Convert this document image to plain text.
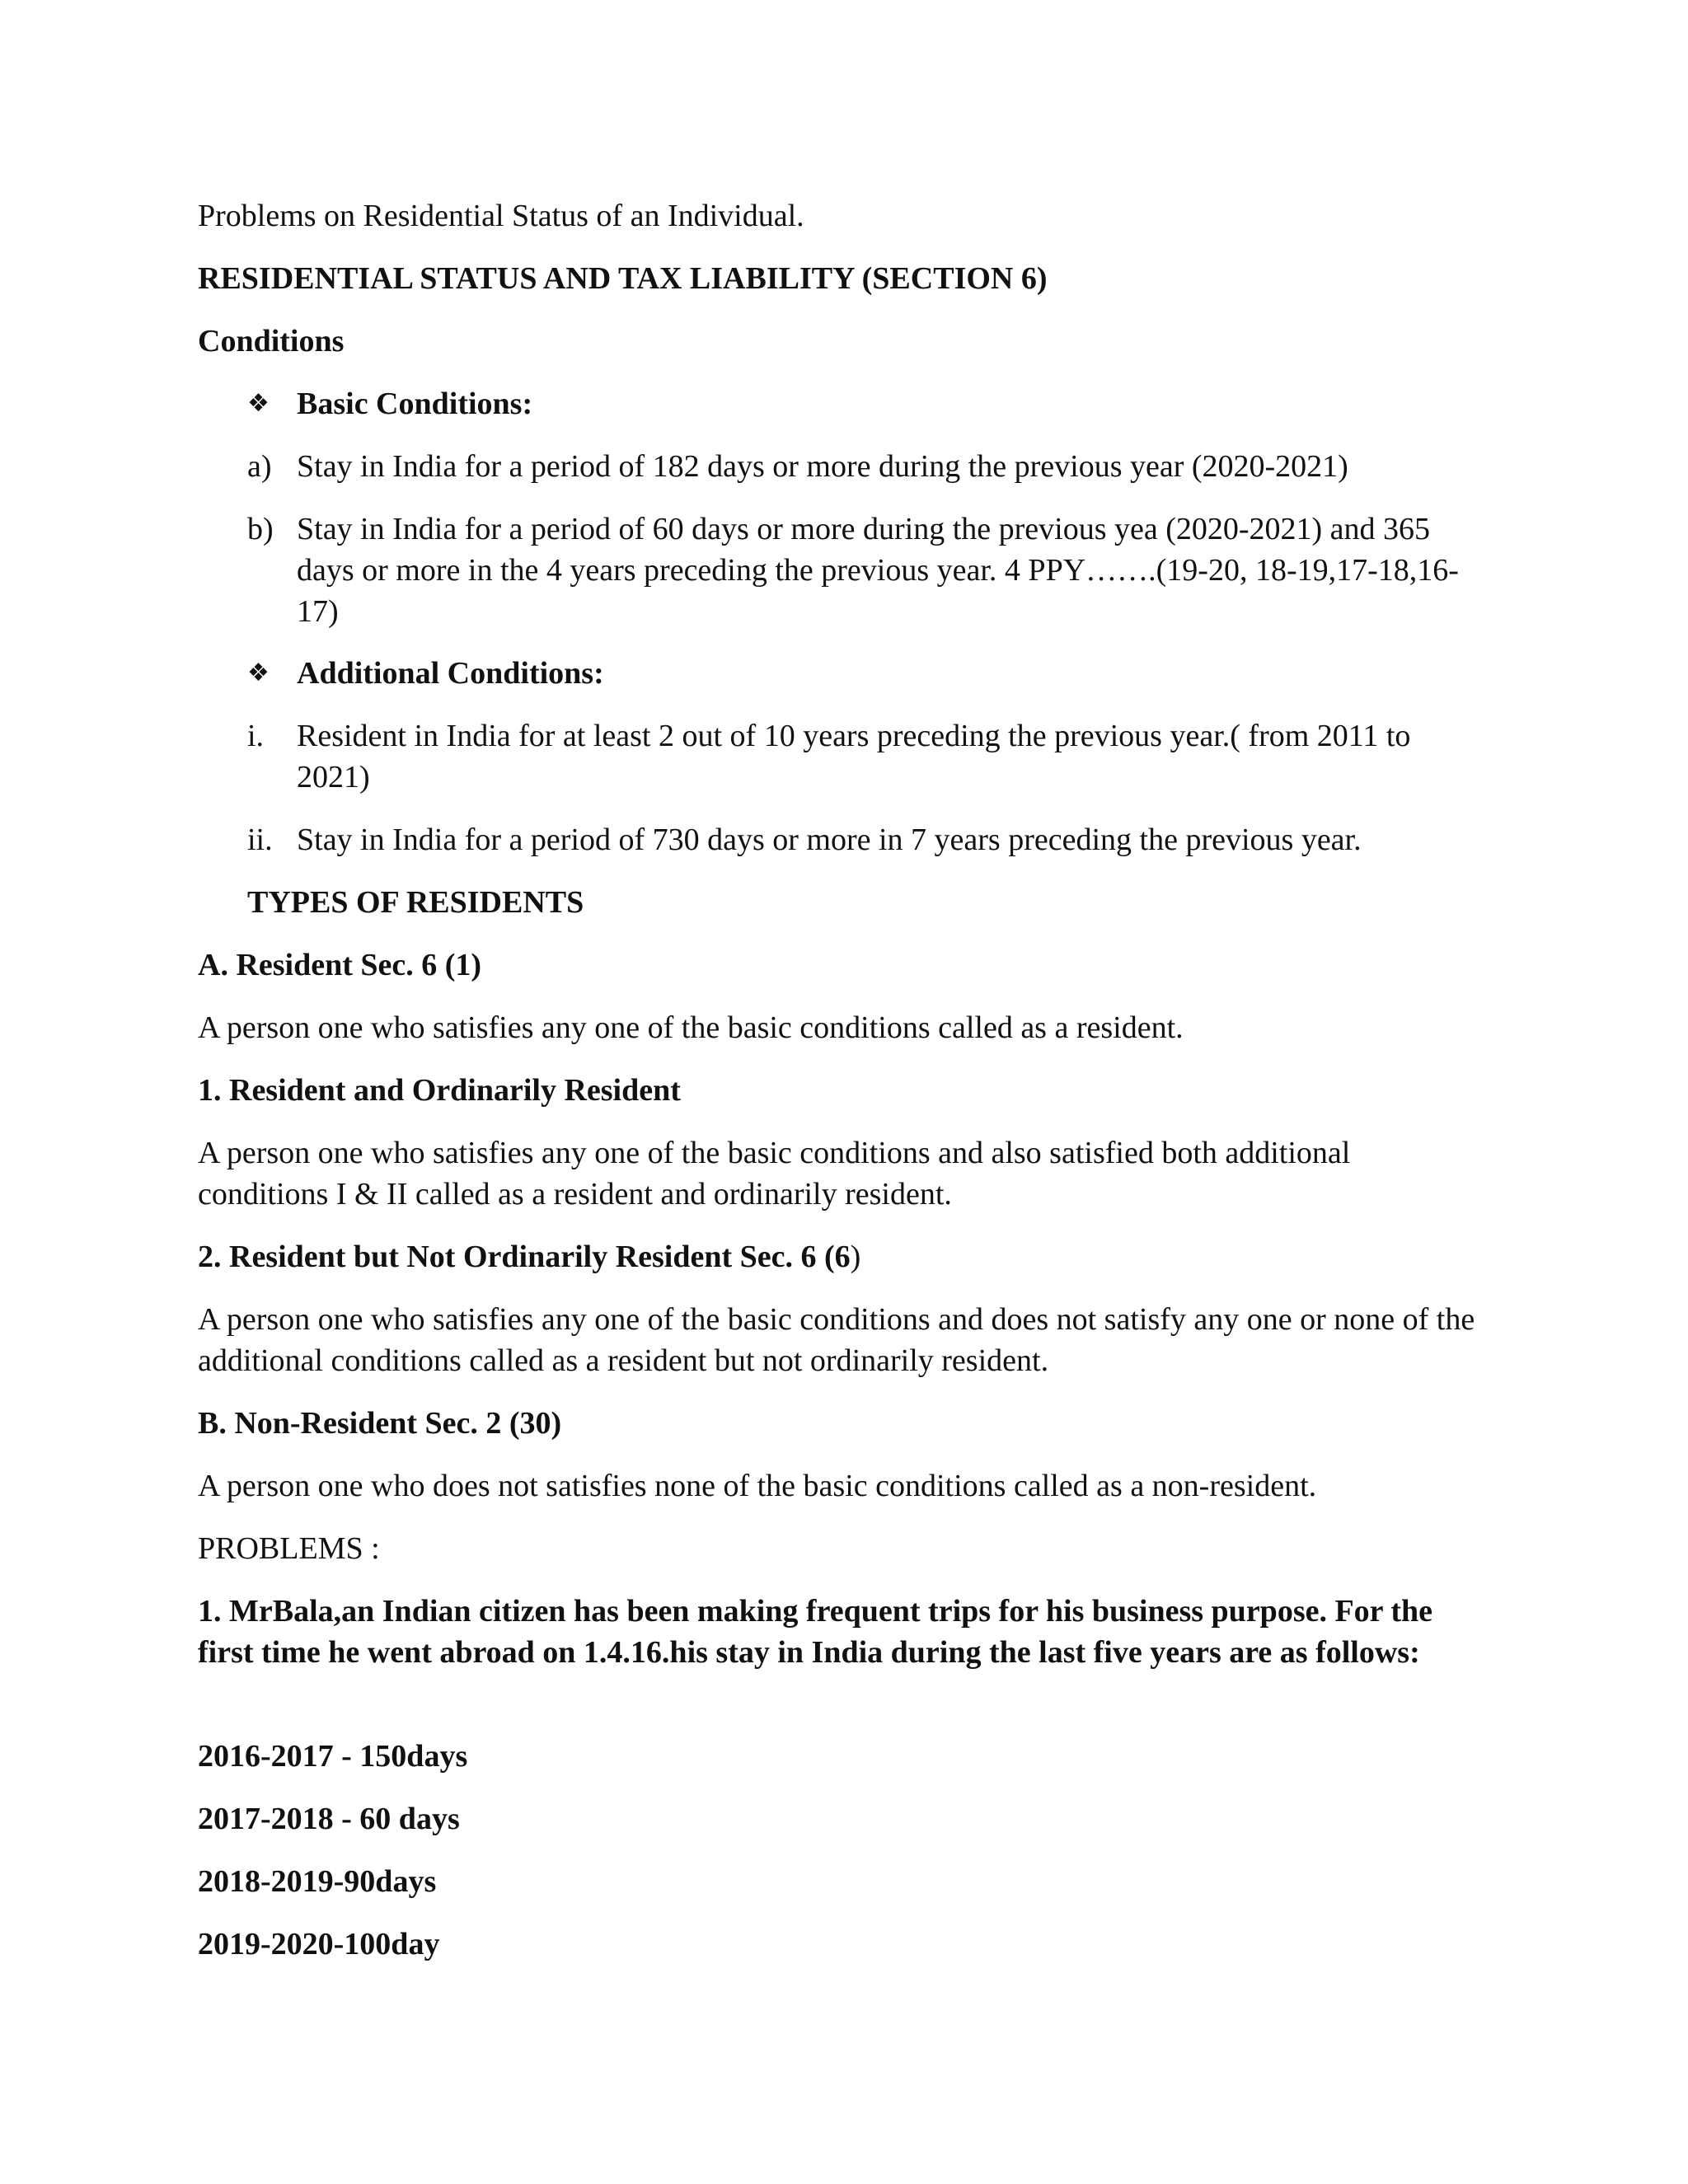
Problems on Residential Status of an Individual.

RESIDENTIAL STATUS AND TAX LIABILITY (SECTION 6)

Conditions

❖ Basic Conditions:
a) Stay in India for a period of 182 days or more during the previous year (2020-2021)
b) Stay in India for a period of 60 days or more during the previous yea (2020-2021) and 365 days or more in the 4 years preceding the previous year. 4 PPY…….(19-20, 18-19,17-18,16-17)
❖ Additional Conditions:
i.	Resident in India for at least 2 out of 10 years preceding the previous year.( from 2011 to 2021)
ii. Stay in India for a period of 730 days or more in 7 years preceding the previous year.

TYPES OF RESIDENTS

A. Resident Sec. 6 (1)

A person one who satisfies any one of the basic conditions called as a resident.

1. Resident and Ordinarily Resident

A person one who satisfies any one of the basic conditions and also satisfied both additional conditions I & II called as a resident and ordinarily resident.

2. Resident but Not Ordinarily Resident Sec. 6 (6)

A person one who satisfies any one of the basic conditions and does not satisfy any one or none of the additional conditions called as a resident but not ordinarily resident.

B. Non-Resident Sec. 2 (30)

A person one who does not satisfies none of the basic conditions called as a non-resident.

PROBLEMS :

1. MrBala,an Indian citizen has been making frequent trips for his business purpose. For the first time he went abroad on 1.4.16.his stay in India during the last five years are as follows:

2016-2017 - 150days

2017-2018 - 60 days

2018-2019-90days

2019-2020-100day
